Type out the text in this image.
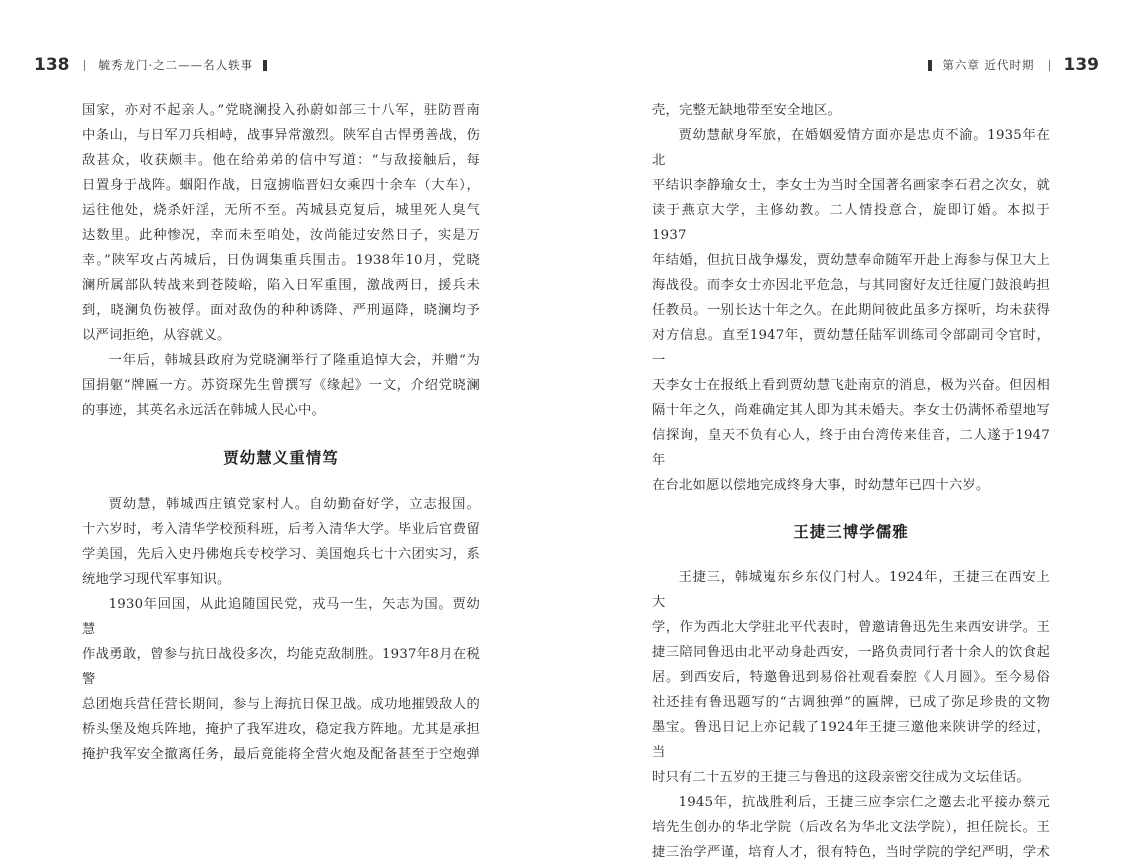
138	毓秀龙门·之二——名人轶事	第六章 近代时期 139

国家，亦对不起亲人。”党晓澜投入孙蔚如部三十八军，驻防晋南

中条山，与日军刀兵相峙，战事异常激烈。陕军自古悍勇善战，伤

敌甚众，收获颇丰。他在给弟弟的信中写道：“与敌接触后，每

日置身于战阵。蝈阳作战，日寇掳临晋妇女乘四十余车（大车），

运往他处，烧杀奸淫，无所不至。芮城县克复后，城里死人臭气

达数里。此种惨况，幸而未至咱处，汝尚能过安然日子，实是万

幸。”陕军攻占芮城后，日伪调集重兵围击。1938年10月，党晓

澜所属部队转战来到苍陵峪，陷入日军重围，激战两日，援兵未

到，晓澜负伤被俘。面对敌伪的种种诱降、严刑逼降，晓澜均予

以严词拒绝，从容就义。

一年后，韩城县政府为党晓澜举行了隆重追悼大会，并赠“为

国捐躯”牌匾一方。苏资琛先生曾撰写《缘起》一文，介绍党晓澜

的事迹，其英名永远活在韩城人民心中。

贾幼慧义重情笃

贾幼慧，韩城西庄镇党家村人。自幼勤奋好学，立志报国。

十六岁时，考入清华学校预科班，后考入清华大学。毕业后官费留

学美国，先后入史丹佛炮兵专校学习、美国炮兵七十六团实习，系

统地学习现代军事知识。

1930年回国，从此追随国民党，戎马一生，矢志为国。贾幼慧

作战勇敢，曾参与抗日战役多次，均能克敌制胜。1937年8月在税警

总团炮兵营任营长期间，参与上海抗日保卫战。成功地摧毁敌人的

桥头堡及炮兵阵地，掩护了我军进攻，稳定我方阵地。尤其是承担

掩护我军安全撤离任务，最后竟能将全营火炮及配备甚至于空炮弹

壳，完整无缺地带至安全地区。

贾幼慧献身军旅，在婚姻爱情方面亦是忠贞不渝。1935年在北

平结识李静瑜女士，李女士为当时全国著名画家李石君之次女，就

读于燕京大学，主修幼教。二人情投意合，旋即订婚。本拟于1937

年结婚，但抗日战争爆发，贾幼慧奉命随军开赴上海参与保卫大上

海战役。而李女士亦因北平危急，与其同窗好友迁往厦门鼓浪屿担

任教员。一别长达十年之久。在此期间彼此虽多方探听，均未获得

对方信息。直至1947年，贾幼慧任陆军训练司令部副司令官时，一

天李女士在报纸上看到贾幼慧飞赴南京的消息，极为兴奋。但因相

隔十年之久，尚难确定其人即为其未婚夫。李女士仍满怀希望地写

信探询，皇天不负有心人，终于由台湾传来佳音，二人遂于1947年

在台北如愿以偿地完成终身大事，时幼慧年已四十六岁。

王捷三博学儒雅

王捷三，韩城嵬东乡东仪门村人。1924年，王捷三在西安上大

学，作为西北大学驻北平代表时，曾邀请鲁迅先生来西安讲学。王

捷三陪同鲁迅由北平动身赴西安，一路负责同行者十余人的饮食起

居。到西安后，特邀鲁迅到易俗社观看秦腔《人月圆》。至今易俗

社还挂有鲁迅题写的“古调独弹”的匾牌，已成了弥足珍贵的文物

墨宝。鲁迅日记上亦记载了1924年王捷三邀他来陕讲学的经过，当

时只有二十五岁的王捷三与鲁迅的这段亲密交往成为文坛佳话。

1945年，抗战胜利后，王捷三应李宗仁之邀去北平接办蔡元

培先生创办的华北学院（后改名为华北文法学院），担任院长。王

捷三治学严谨，培育人才，很有特色，当时学院的学纪严明，学术
